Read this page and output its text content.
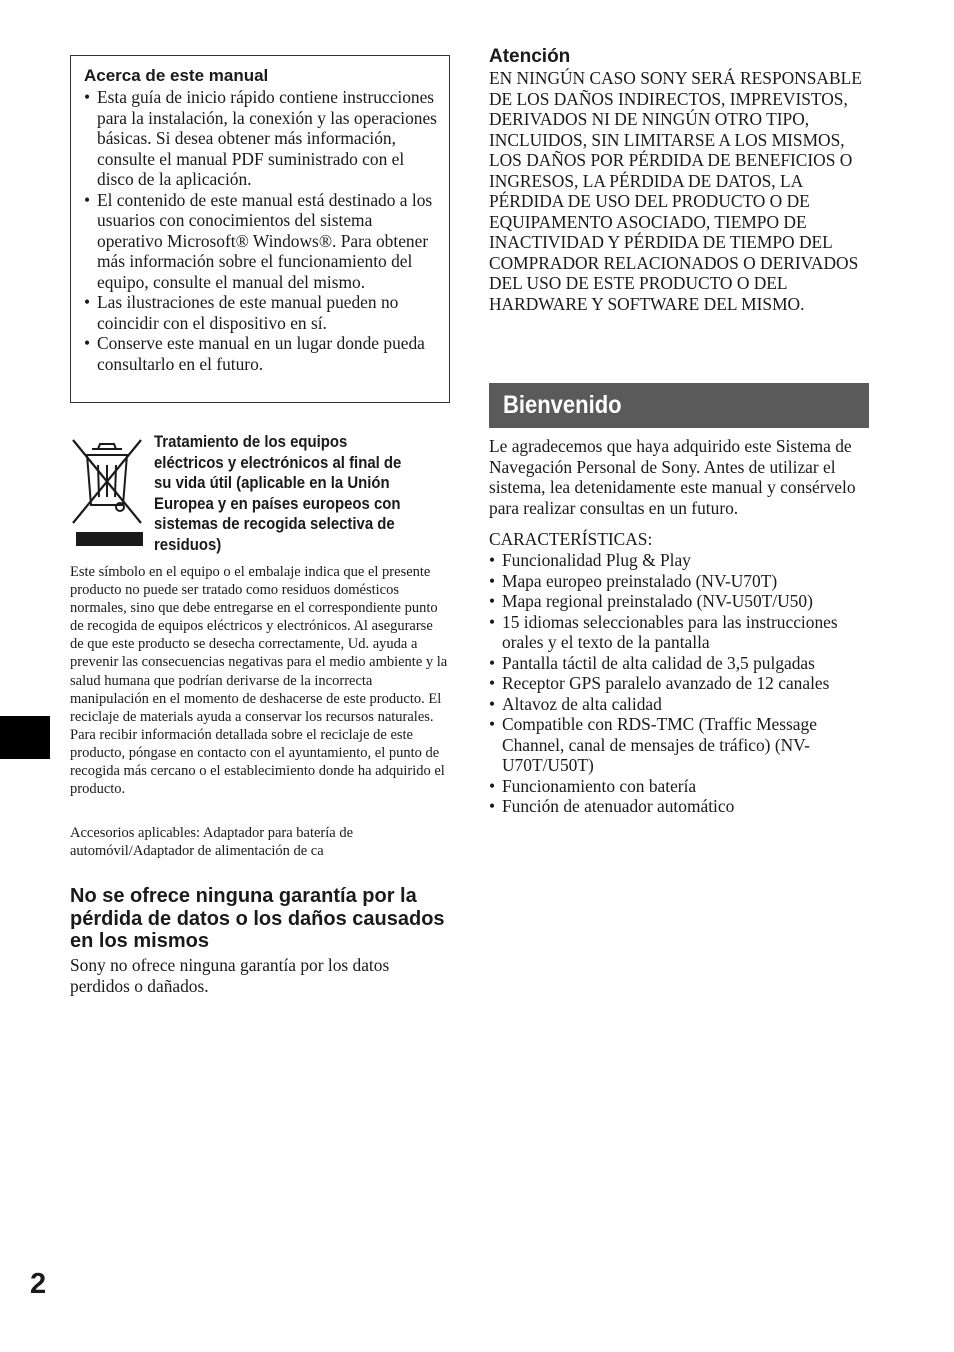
Acerca de este manual
• Esta guía de inicio rápido contiene instrucciones para la instalación, la conexión y las operaciones básicas. Si desea obtener más información, consulte el manual PDF suministrado con el disco de la aplicación.
• El contenido de este manual está destinado a los usuarios con conocimientos del sistema operativo Microsoft® Windows®. Para obtener más información sobre el funcionamiento del equipo, consulte el manual del mismo.
• Las ilustraciones de este manual pueden no coincidir con el dispositivo en sí.
• Conserve este manual en un lugar donde pueda consultarlo en el futuro.
Tratamiento de los equipos eléctricos y electrónicos al final de su vida útil (aplicable en la Unión Europea y en países europeos con sistemas de recogida selectiva de residuos)
Este símbolo en el equipo o el embalaje indica que el presente producto no puede ser tratado como residuos domésticos normales, sino que debe entregarse en el correspondiente punto de recogida de equipos eléctricos y electrónicos. Al asegurarse de que este producto se desecha correctamente, Ud. ayuda a prevenir las consecuencias negativas para el medio ambiente y la salud humana que podrían derivarse de la incorrecta manipulación en el momento de deshacerse de este producto. El reciclaje de materials ayuda a conservar los recursos naturales. Para recibir información detallada sobre el reciclaje de este producto, póngase en contacto con el ayuntamiento, el punto de recogida más cercano o el establecimiento donde ha adquirido el producto.
Accesorios aplicables: Adaptador para batería de automóvil/Adaptador de alimentación de ca
No se ofrece ninguna garantía por la pérdida de datos o los daños causados en los mismos
Sony no ofrece ninguna garantía por los datos perdidos o dañados.
Atención
EN NINGÚN CASO SONY SERÁ RESPONSABLE DE LOS DAÑOS INDIRECTOS, IMPREVISTOS, DERIVADOS NI DE NINGÚN OTRO TIPO, INCLUIDOS, SIN LIMITARSE A LOS MISMOS, LOS DAÑOS POR PÉRDIDA DE BENEFICIOS O INGRESOS, LA PÉRDIDA DE DATOS, LA PÉRDIDA DE USO DEL PRODUCTO O DE EQUIPAMENTO ASOCIADO, TIEMPO DE INACTIVIDAD Y PÉRDIDA DE TIEMPO DEL COMPRADOR RELACIONADOS O DERIVADOS DEL USO DE ESTE PRODUCTO O DEL HARDWARE Y SOFTWARE DEL MISMO.
Bienvenido
Le agradecemos que haya adquirido este Sistema de Navegación Personal de Sony. Antes de utilizar el sistema, lea detenidamente este manual y consérvelo para realizar consultas en un futuro.
CARACTERÍSTICAS:
• Funcionalidad Plug & Play
• Mapa europeo preinstalado (NV-U70T)
• Mapa regional preinstalado (NV-U50T/U50)
• 15 idiomas seleccionables para las instrucciones orales y el texto de la pantalla
• Pantalla táctil de alta calidad de 3,5 pulgadas
• Receptor GPS paralelo avanzado de 12 canales
• Altavoz de alta calidad
• Compatible con RDS-TMC (Traffic Message Channel, canal de mensajes de tráfico) (NV-U70T/U50T)
• Funcionamiento con batería
• Función de atenuador automático
2
